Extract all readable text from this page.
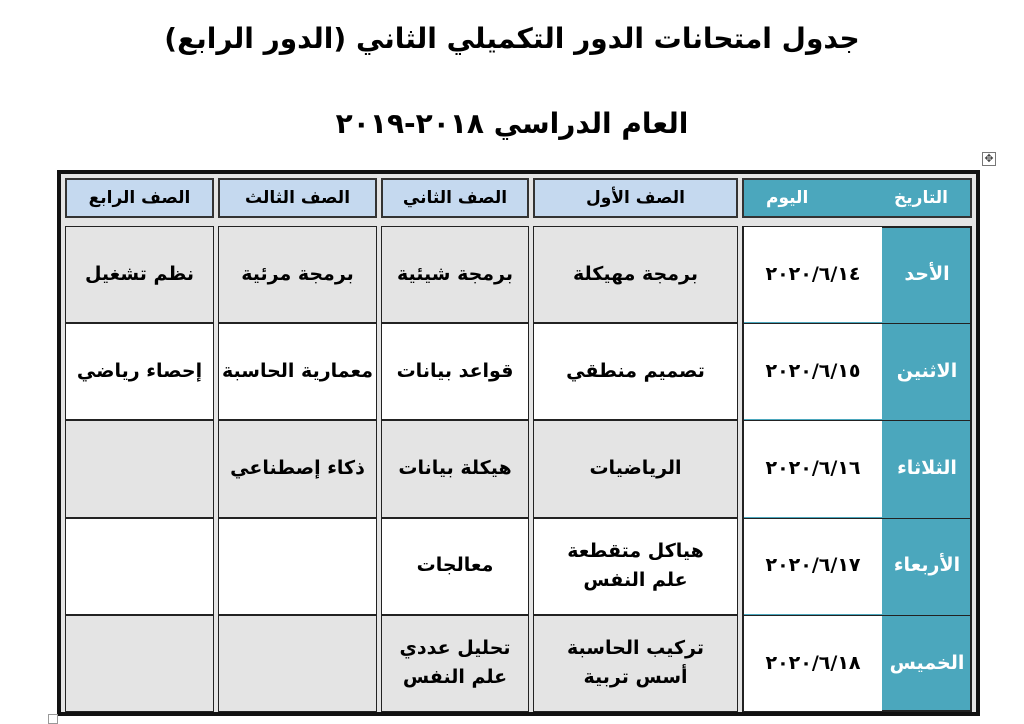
جدول امتحانات الدور التكميلي الثاني (الدور الرابع)
العام الدراسي ٢٠١٨-٢٠١٩
✥
التاريخ
اليوم
الصف الأول
الصف الثاني
الصف الثالث
الصف الرابع
الأحد
٢٠٢٠/٦/١٤
برمجة مهيكلة
برمجة شيئية
برمجة مرئية
نظم تشغيل
الاثنين
٢٠٢٠/٦/١٥
تصميم منطقي
قواعد بيانات
معمارية الحاسبة
إحصاء رياضي
الثلاثاء
٢٠٢٠/٦/١٦
الرياضيات
هيكلة بيانات
ذكاء إصطناعي
الأربعاء
٢٠٢٠/٦/١٧
هياكل متقطعة
علم النفس
معالجات
الخميس
٢٠٢٠/٦/١٨
تركيب الحاسبة
أسس تربية
تحليل عددي
علم النفس
